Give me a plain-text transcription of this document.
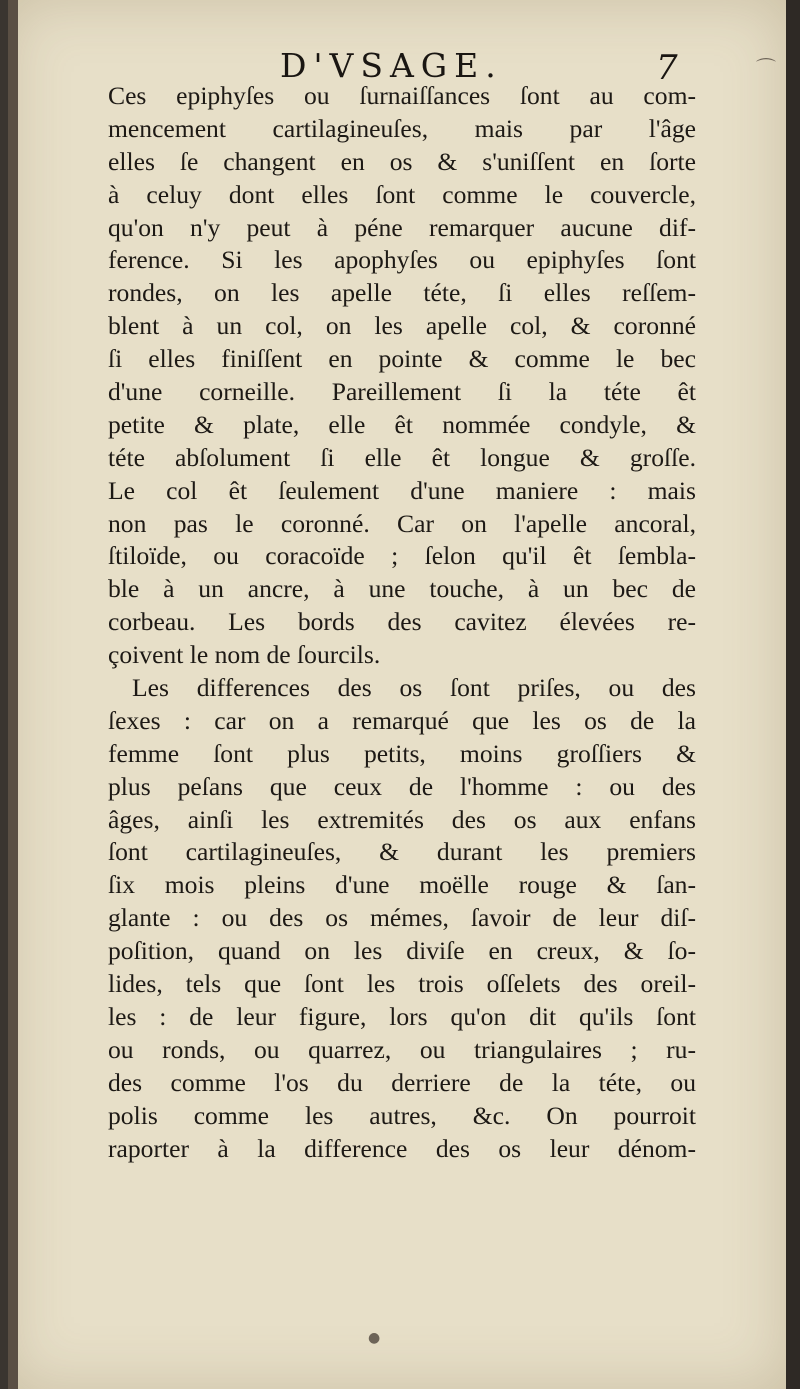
D'VSAGE.	7
Ces epiphyſes ou ſurnaiſſances ſont au com-
mencement cartilagineuſes, mais par l'âge
elles ſe changent en os & s'uniſſent en ſorte
à celuy dont elles ſont comme le couvercle,
qu'on n'y peut à péne remarquer aucune dif-
ference. Si les apophyſes ou epiphyſes ſont
rondes, on les apelle téte, ſi elles reſſem-
blent à un col, on les apelle col, & coronné
ſi elles finiſſent en pointe & comme le bec
d'une corneille. Pareillement ſi la téte êt
petite & plate, elle êt nommée condyle, &
téte abſolument ſi elle êt longue & groſſe.
Le col êt ſeulement d'une maniere : mais
non pas le coronné. Car on l'apelle ancoral,
ſtiloïde, ou coracoïde ; ſelon qu'il êt ſembla-
ble à un ancre, à une touche, à un bec de
corbeau. Les bords des cavitez élevées re-
çoivent le nom de ſourcils.
Les differences des os ſont priſes, ou des
ſexes : car on a remarqué que les os de la
femme ſont plus petits, moins groſſiers &
plus peſans que ceux de l'homme : ou des
âges, ainſi les extremités des os aux enfans
ſont cartilagineuſes, & durant les premiers
ſix mois pleins d'une moëlle rouge & ſan-
glante : ou des os mémes, ſavoir de leur diſ-
poſition, quand on les diviſe en creux, & ſo-
lides, tels que ſont les trois oſſelets des oreil-
les : de leur figure, lors qu'on dit qu'ils ſont
ou ronds, ou quarrez, ou triangulaires ; ru-
des comme l'os du derriere de la téte, ou
polis comme les autres, &c. On pourroit
raporter à la difference des os leur dénom-
⌒
●
